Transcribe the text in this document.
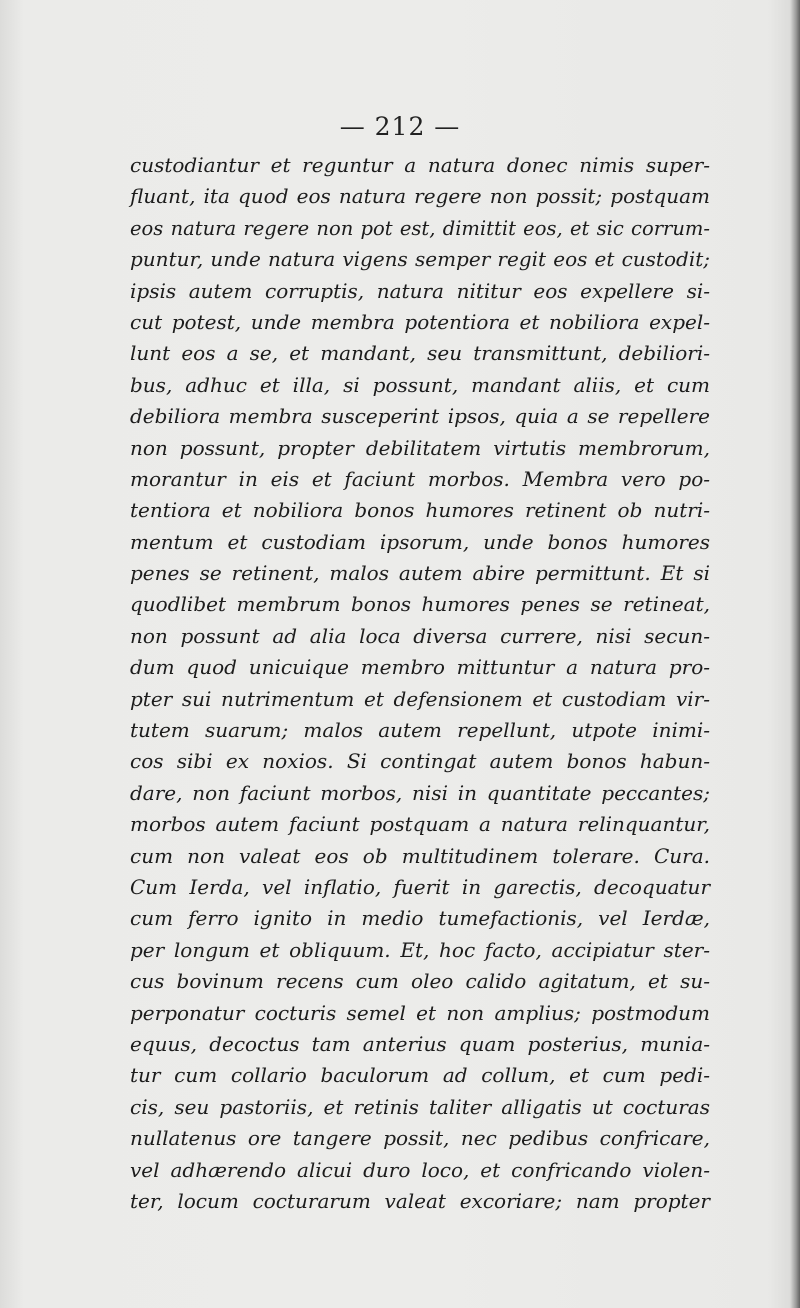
— 212 —
custodiantur et reguntur a natura donec nimis super-
fluant, ita quod eos natura regere non possit; postquam
eos natura regere non pot est, dimittit eos, et sic corrum-
puntur, unde natura vigens semper regit eos et custodit;
ipsis autem corruptis, natura nititur eos expellere si-
cut potest, unde membra potentiora et nobiliora expel-
lunt eos a se, et mandant, seu transmittunt, debiliori-
bus, adhuc et illa, si possunt, mandant aliis, et cum
debiliora membra susceperint ipsos, quia a se repellere
non possunt, propter debilitatem virtutis membrorum,
morantur in eis et faciunt morbos. Membra vero po-
tentiora et nobiliora bonos humores retinent ob nutri-
mentum et custodiam ipsorum, unde bonos humores
penes se retinent, malos autem abire permittunt. Et si
quodlibet membrum bonos humores penes se retineat,
non possunt ad alia loca diversa currere, nisi secun-
dum quod unicuique membro mittuntur a natura pro-
pter sui nutrimentum et defensionem et custodiam vir-
tutem suarum; malos autem repellunt, utpote inimi-
cos sibi ex noxios. Si contingat autem bonos habun-
dare, non faciunt morbos, nisi in quantitate peccantes;
morbos autem faciunt postquam a natura relinquantur,
cum non valeat eos ob multitudinem tolerare. Cura.
Cum Ierda, vel inflatio, fuerit in garectis, decoquatur
cum ferro ignito in medio tumefactionis, vel Ierdæ,
per longum et obliquum. Et, hoc facto, accipiatur ster-
cus bovinum recens cum oleo calido agitatum, et su-
perponatur cocturis semel et non amplius; postmodum
equus, decoctus tam anterius quam posterius, munia-
tur cum collario baculorum ad collum, et cum pedi-
cis, seu pastoriis, et retinis taliter alligatis ut cocturas
nullatenus ore tangere possit, nec pedibus confricare,
vel adhærendo alicui duro loco, et confricando violen-
ter, locum cocturarum valeat excoriare; nam propter
